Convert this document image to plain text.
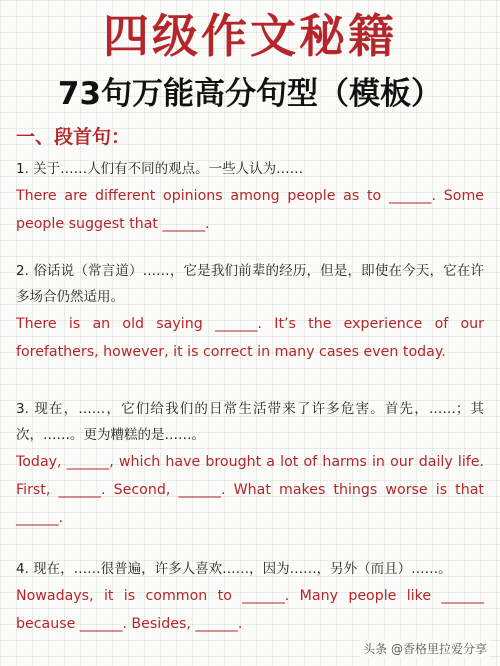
四级作文秘籍
73句万能高分句型（模板）
一、段首句：
1. 关于……人们有不同的观点。一些人认为……
There are different opinions among people as to ______. Some
people suggest that ______.
2. 俗话说（常言道）……，它是我们前辈的经历，但是，即使在今天，它在许多场合仍然适用。
There is an old saying ______. It’s the experience of our
forefathers, however, it is correct in many cases even today.
3. 现在，……，它们给我们的日常生活带来了许多危害。首先，……；其次，……。更为糟糕的是……。
Today, ______, which have brought a lot of harms in our daily life.
First, ______. Second, ______. What makes things worse is that
______.
4. 现在，……很普遍，许多人喜欢……，因为……，另外（而且）……。
Nowadays, it is common to ______. Many people like ______
because ______. Besides, ______.
头条 @香格里拉爱分享
